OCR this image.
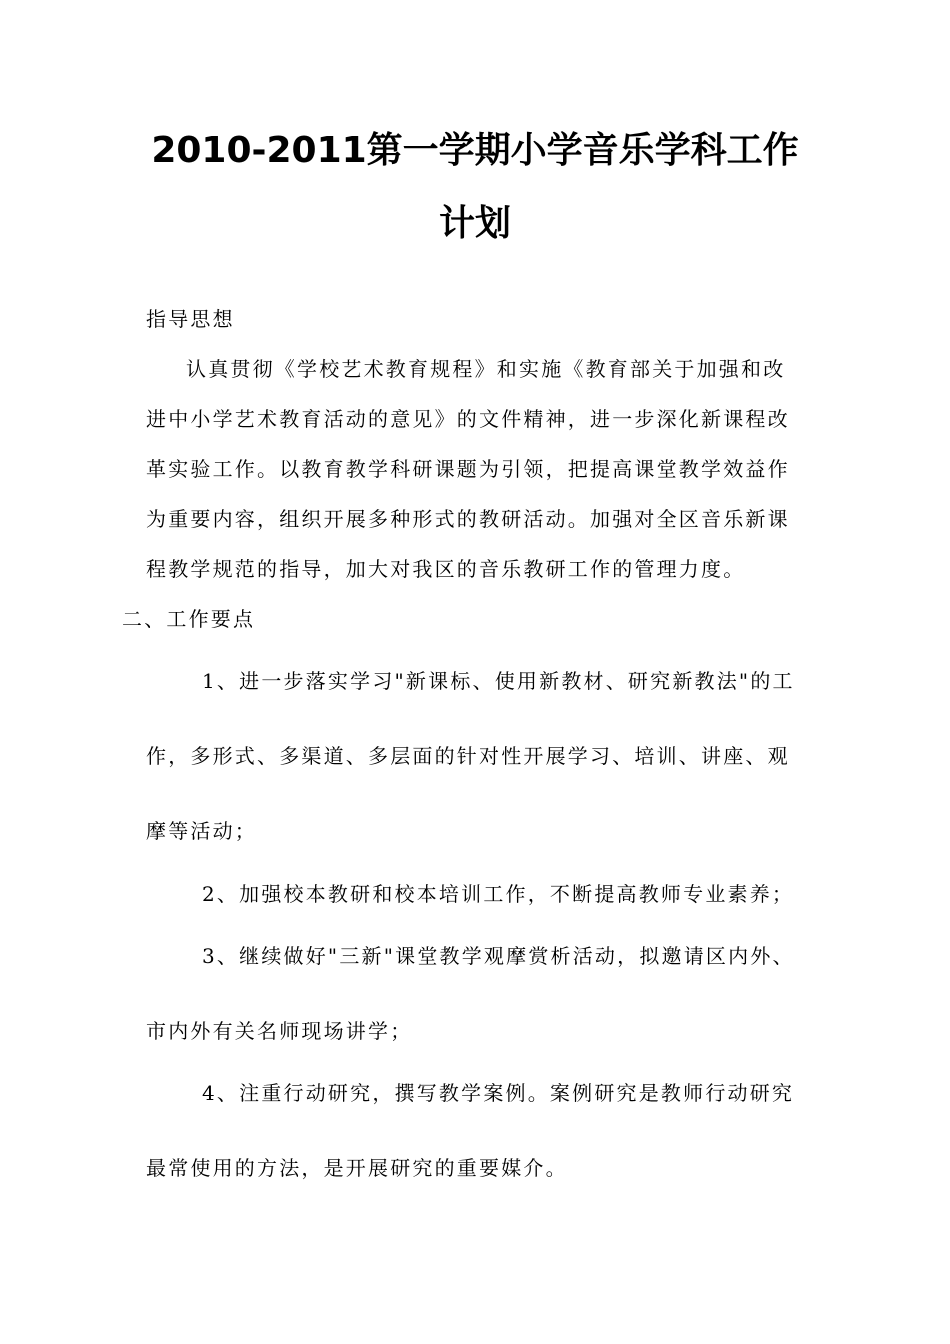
2010-2011第一学期小学音乐学科工作
计划
指导思想
认真贯彻《学校艺术教育规程》和实施《教育部关于加强和改
进中小学艺术教育活动的意见》的文件精神，进一步深化新课程改
革实验工作。以教育教学科研课题为引领，把提高课堂教学效益作
为重要内容，组织开展多种形式的教研活动。加强对全区音乐新课
程教学规范的指导，加大对我区的音乐教研工作的管理力度。
二、工作要点
1、进一步落实学习"新课标、使用新教材、研究新教法"的工
作，多形式、多渠道、多层面的针对性开展学习、培训、讲座、观
摩等活动；
2、加强校本教研和校本培训工作，不断提高教师专业素养；
3、继续做好"三新"课堂教学观摩赏析活动，拟邀请区内外、
市内外有关名师现场讲学；
4、注重行动研究，撰写教学案例。案例研究是教师行动研究
最常使用的方法，是开展研究的重要媒介。
